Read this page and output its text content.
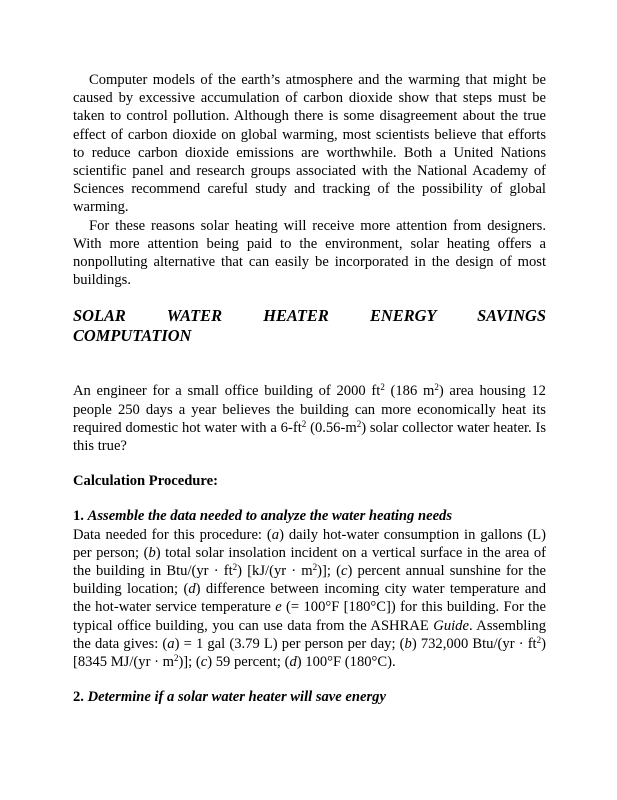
Computer models of the earth’s atmosphere and the warming that might be caused by excessive accumulation of carbon dioxide show that steps must be taken to control pollution. Although there is some disagreement about the true effect of carbon dioxide on global warming, most scientists believe that efforts to reduce carbon dioxide emissions are worthwhile. Both a United Nations scientific panel and research groups associated with the National Academy of Sciences recommend careful study and tracking of the possibility of global warming.

For these reasons solar heating will receive more attention from designers. With more attention being paid to the environment, solar heating offers a nonpolluting alternative that can easily be incorporated in the design of most buildings.

SOLAR WATER HEATER ENERGY SAVINGS

COMPUTATION

An engineer for a small office building of 2000 $ft^2$ (186 $m^2$) area housing 12 people 250 days a year believes the building can more economically heat its required domestic hot water with a $6-ft^2$ $(0.56-m^2)$ solar collector water heater. Is this true?

Calculation Procedure:

1. Assemble the data needed to analyze the water heating needs

Data needed for this procedure: (a) daily hot-water consumption in gallons (L) per person; (b) total solar insolation incident on a vertical surface in the area of the building in $Btu/(yr \cdot ft^2)$ $[kJ/(yr \cdot m^2)]$; (c) percent annual sunshine for the building location; (d) difference between incoming city water temperature and the hot-water service temperature e (= 100°F [180°C]) for this building. For the typical office building, you can use data from the ASHRAE Guide. Assembling the data gives: (a) = 1 gal (3.79 L) per person per day; (b) 732,000 $Btu/(yr \cdot ft^2)$ [8345 $MJ/(yr \cdot m^2)$]; (c) 59 percent; (d) 100°F (180°C).

2. Determine if a solar water heater will save energy
